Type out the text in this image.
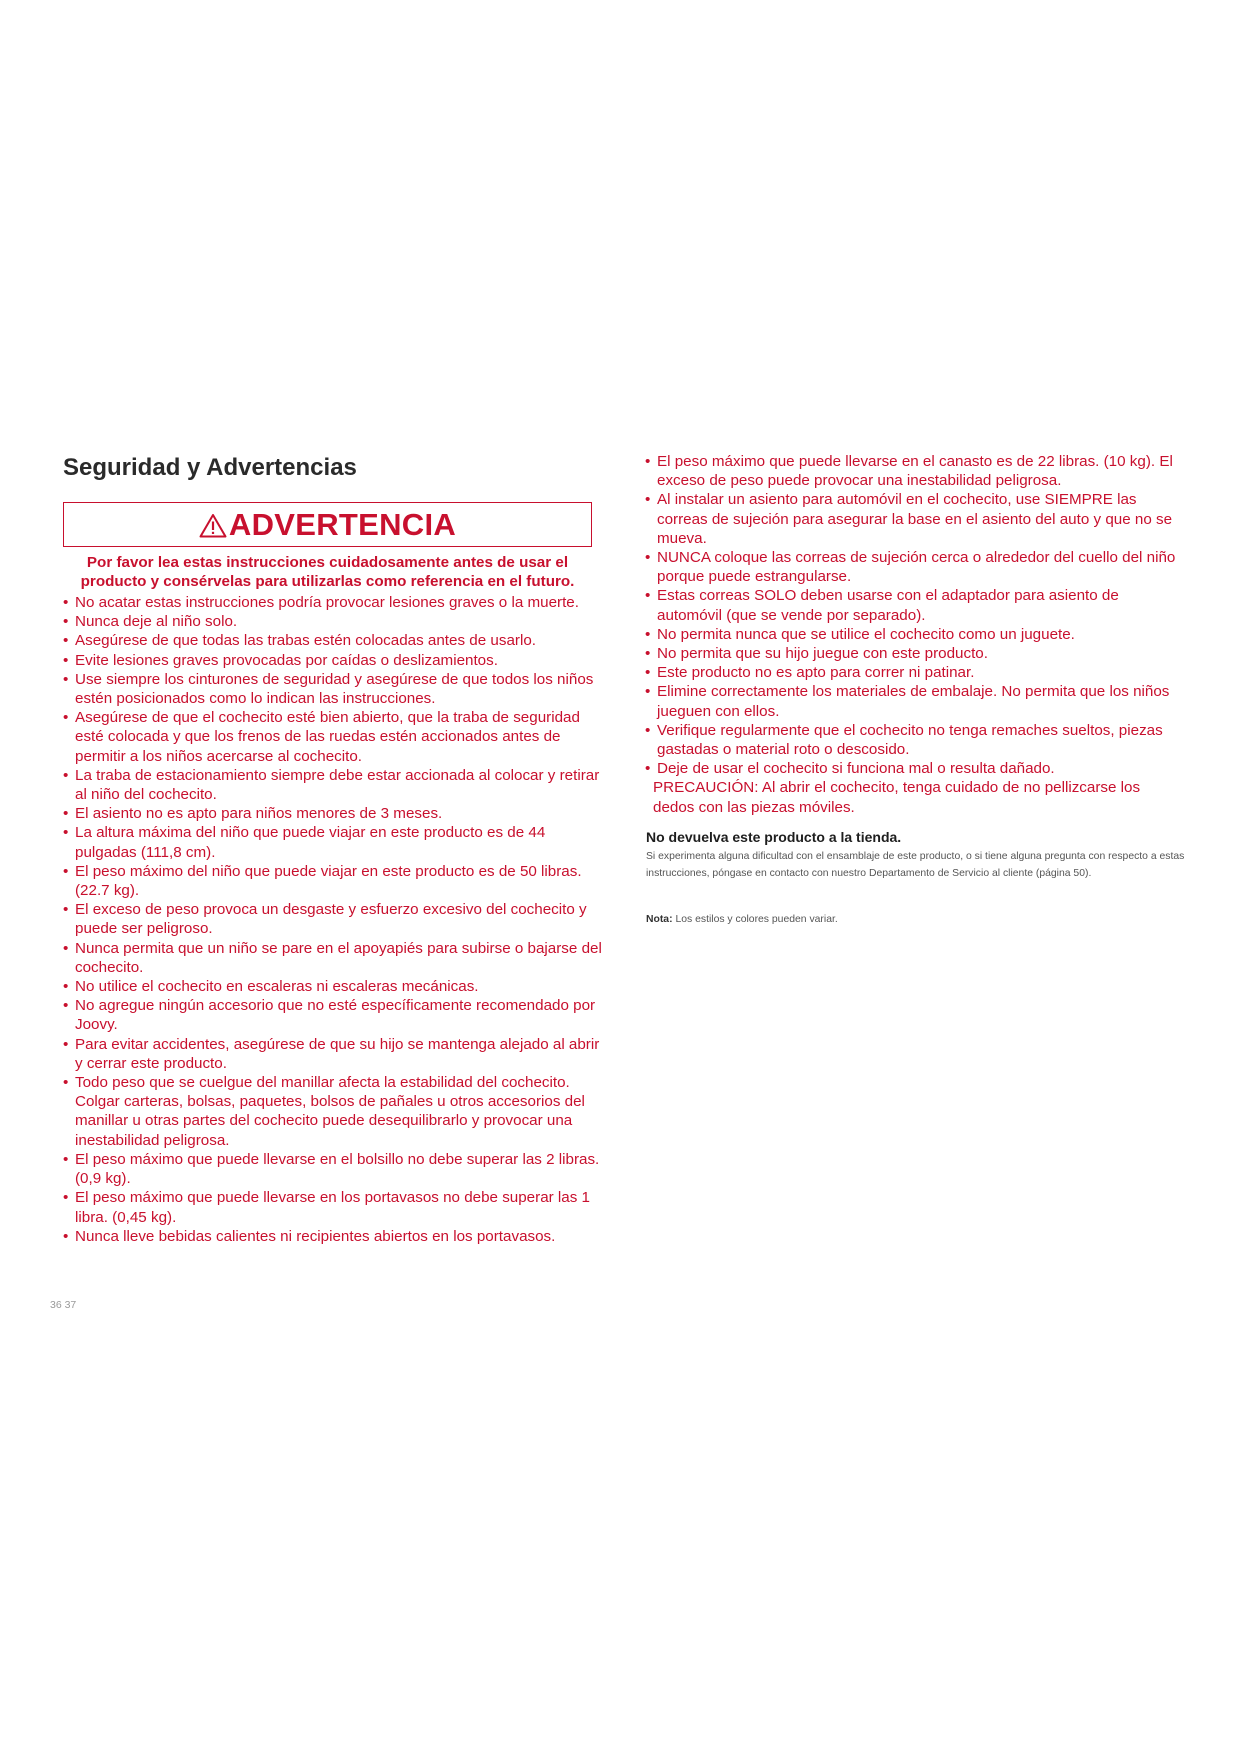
Seguridad y Advertencias
ADVERTENCIA
Por favor lea estas instrucciones cuidadosamente antes de usar el producto y consérvelas para utilizarlas como referencia en el futuro.
• No acatar estas instrucciones podría provocar lesiones graves o la muerte.
• Nunca deje al niño solo.
• Asegúrese de que todas las trabas estén colocadas antes de usarlo.
• Evite lesiones graves provocadas por caídas o deslizamientos.
• Use siempre los cinturones de seguridad y asegúrese de que todos los niños estén posicionados como lo indican las instrucciones.
• Asegúrese de que el cochecito esté bien abierto, que la traba de seguridad esté colocada y que los frenos de las ruedas estén accionados antes de permitir a los niños acercarse al cochecito.
• La traba de estacionamiento siempre debe estar accionada al colocar y retirar al niño del cochecito.
• El asiento no es apto para niños menores de 3 meses.
• La altura máxima del niño que puede viajar en este producto es de 44 pulgadas (111,8 cm).
• El peso máximo del niño que puede viajar en este producto es de 50 libras. (22.7 kg).
• El exceso de peso provoca un desgaste y esfuerzo excesivo del cochecito y puede ser peligroso.
• Nunca permita que un niño se pare en el apoyapiés para subirse o bajarse del cochecito.
• No utilice el cochecito en escaleras ni escaleras mecánicas.
• No agregue ningún accesorio que no esté específicamente recomendado por Joovy.
• Para evitar accidentes, asegúrese de que su hijo se mantenga alejado al abrir y cerrar este producto.
• Todo peso que se cuelgue del manillar afecta la estabilidad del cochecito. Colgar carteras, bolsas, paquetes, bolsos de pañales u otros accesorios del manillar u otras partes del cochecito puede desequilibrarlo y provocar una inestabilidad peligrosa.
• El peso máximo que puede llevarse en el bolsillo no debe superar las 2 libras. (0,9 kg).
• El peso máximo que puede llevarse en los portavasos no debe superar las 1 libra. (0,45 kg).
• Nunca lleve bebidas calientes ni recipientes abiertos en los portavasos.
• El peso máximo que puede llevarse en el canasto es de 22 libras. (10 kg). El exceso de peso puede provocar una inestabilidad peligrosa.
• Al instalar un asiento para automóvil en el cochecito, use SIEMPRE las correas de sujeción para asegurar la base en el asiento del auto y que no se mueva.
• NUNCA coloque las correas de sujeción cerca o alrededor del cuello del niño porque puede estrangularse.
• Estas correas SOLO deben usarse con el adaptador para asiento de automóvil (que se vende por separado).
• No permita nunca que se utilice el cochecito como un juguete.
• No permita que su hijo juegue con este producto.
• Este producto no es apto para correr ni patinar.
• Elimine correctamente los materiales de embalaje. No permita que los niños jueguen con ellos.
• Verifique regularmente que el cochecito no tenga remaches sueltos, piezas gastadas o material roto o descosido.
• Deje de usar el cochecito si funciona mal o resulta dañado.
PRECAUCIÓN: Al abrir el cochecito, tenga cuidado de no pellizcarse los dedos con las piezas móviles.
No devuelva este producto a la tienda.
Si experimenta alguna dificultad con el ensamblaje de este producto, o si tiene alguna pregunta con respecto a estas instrucciones, póngase en contacto con nuestro Departamento de Servicio al cliente (página 50).
Nota: Los estilos y colores pueden variar.
36 37
